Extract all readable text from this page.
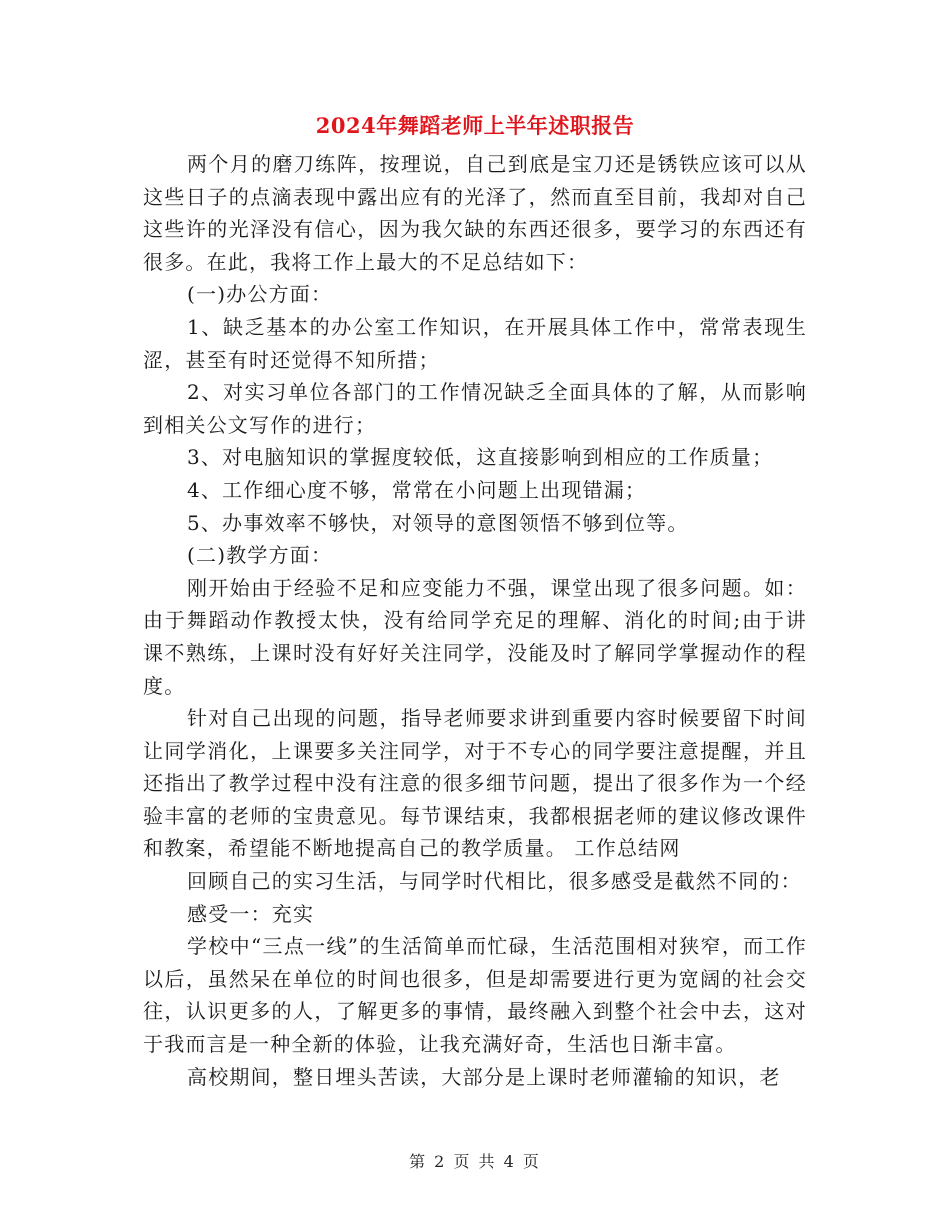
2024年舞蹈老师上半年述职报告

两个月的磨刀练阵，按理说，自己到底是宝刀还是锈铁应该可以从这些日子的点滴表现中露出应有的光泽了，然而直至目前，我却对自己这些许的光泽没有信心，因为我欠缺的东西还很多，要学习的东西还有很多。在此，我将工作上最大的不足总结如下：

(一)办公方面：

1、缺乏基本的办公室工作知识，在开展具体工作中，常常表现生涩，甚至有时还觉得不知所措；

2、对实习单位各部门的工作情况缺乏全面具体的了解，从而影响到相关公文写作的进行；

3、对电脑知识的掌握度较低，这直接影响到相应的工作质量；

4、工作细心度不够，常常在小问题上出现错漏；

5、办事效率不够快，对领导的意图领悟不够到位等。

(二)教学方面：

刚开始由于经验不足和应变能力不强，课堂出现了很多问题。如：由于舞蹈动作教授太快，没有给同学充足的理解、消化的时间;由于讲课不熟练，上课时没有好好关注同学，没能及时了解同学掌握动作的程度。

针对自己出现的问题，指导老师要求讲到重要内容时候要留下时间让同学消化，上课要多关注同学，对于不专心的同学要注意提醒，并且还指出了教学过程中没有注意的很多细节问题，提出了很多作为一个经验丰富的老师的宝贵意见。每节课结束，我都根据老师的建议修改课件和教案，希望能不断地提高自己的教学质量。 工作总结网

回顾自己的实习生活，与同学时代相比，很多感受是截然不同的：

感受一：充实

学校中“三点一线”的生活简单而忙碌，生活范围相对狭窄，而工作以后，虽然呆在单位的时间也很多，但是却需要进行更为宽阔的社会交往，认识更多的人，了解更多的事情，最终融入到整个社会中去，这对于我而言是一种全新的体验，让我充满好奇，生活也日渐丰富。

高校期间，整日埋头苦读，大部分是上课时老师灌输的知识，老

第 2 页 共 4 页
